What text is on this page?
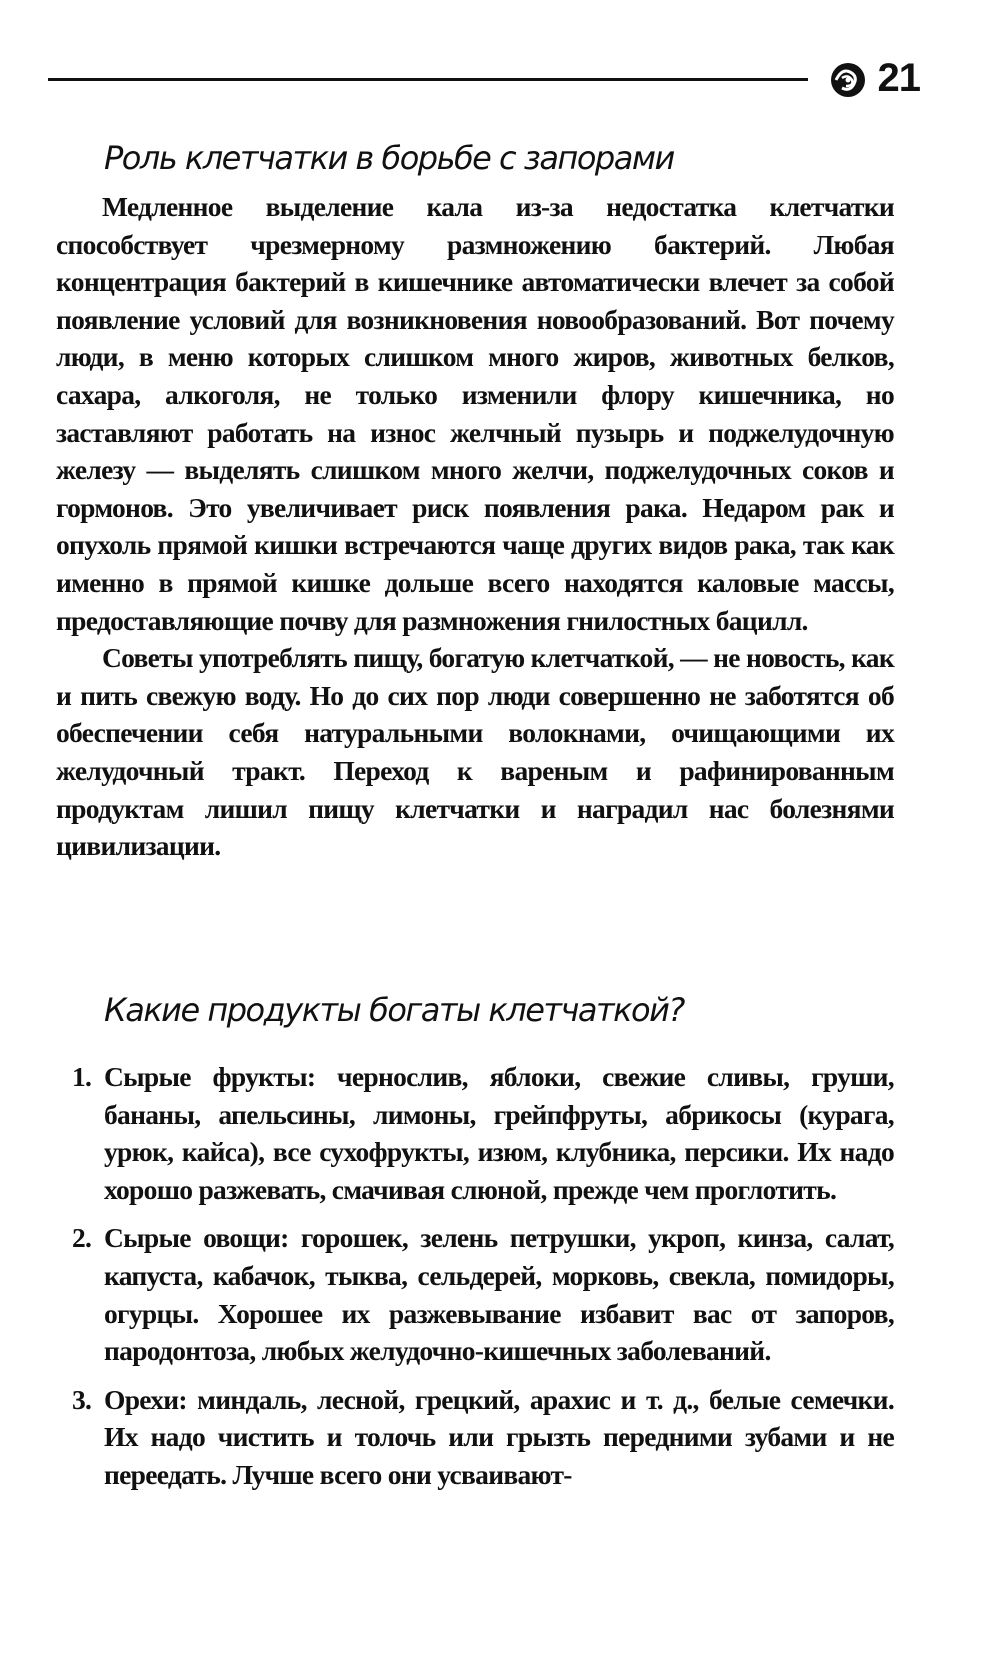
21
Роль клетчатки в борьбе с запорами

Медленное выделение кала из-за недостатка клетчатки способствует чрезмерному размножению бактерий. Любая концентрация бактерий в кишечнике автоматически влечет за собой появление условий для возникновения новообразований. Вот почему люди, в меню которых слишком много жиров, животных белков, сахара, алкоголя, не только изменили флору кишечника, но заставляют работать на износ желчный пузырь и поджелудочную железу — выделять слишком много желчи, поджелудочных соков и гормонов. Это увеличивает риск появления рака. Недаром рак и опухоль прямой кишки встречаются чаще других видов рака, так как именно в прямой кишке дольше всего находятся каловые массы, предоставляющие почву для размножения гнилостных бацилл.

Советы употреблять пищу, богатую клетчаткой, — не новость, как и пить свежую воду. Но до сих пор люди совершенно не заботятся об обеспечении себя натуральными волокнами, очищающими их желудочный тракт. Переход к вареным и рафинированным продуктам лишил пищу клетчатки и наградил нас болезнями цивилизации.

Какие продукты богаты клетчаткой?
1. Сырые фрукты: чернослив, яблоки, свежие сливы, груши, бананы, апельсины, лимоны, грейпфруты, абрикосы (курага, урюк, кайса), все сухофрукты, изюм, клубника, персики. Их надо хорошо разжевать, смачивая слюной, прежде чем проглотить.
2. Сырые овощи: горошек, зелень петрушки, укроп, кинза, салат, капуста, кабачок, тыква, сельдерей, морковь, свекла, помидоры, огурцы. Хорошее их разжевывание избавит вас от запоров, пародонтоза, любых желудочно-кишечных заболеваний.
3. Орехи: миндаль, лесной, грецкий, арахис и т. д., белые семечки. Их надо чистить и толочь или грызть передними зубами и не переедать. Лучше всего они усваивают-
